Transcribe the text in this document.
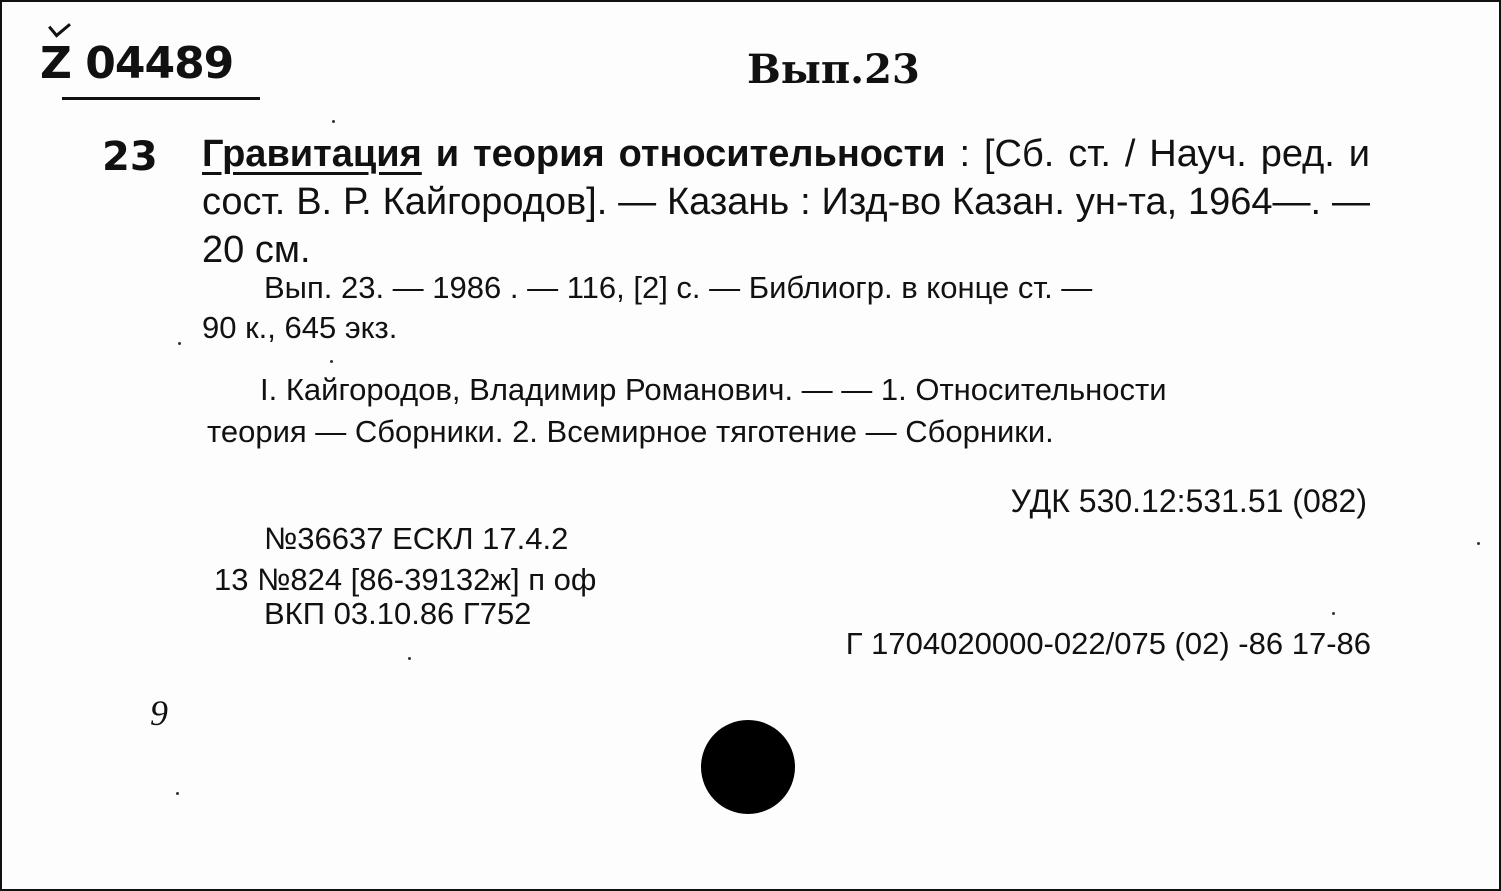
Z 04489	Вып.23
23 Гравитация и теория относительности : [Сб. ст. / Науч. ред. и сост. В. Р. Кайгородов]. — Казань : Изд-во Казан. ун-та, 1964—. — 20 см.
Вып. 23. — 1986 . — 116, [2] с. — Библиогр. в конце ст. —
90 к., 645 экз.
I. Кайгородов, Владимир Романович. — — 1. Относительности
теория — Сборники. 2. Всемирное тяготение — Сборники.
УДК 530.12:531.51 (082)
№36637 ЕСКЛ 17.4.2
13 №824 [86-39132ж] п оф
ВКП 03.10.86 Г752
Г 1704020000-022/075 (02) -86 17-86
9
